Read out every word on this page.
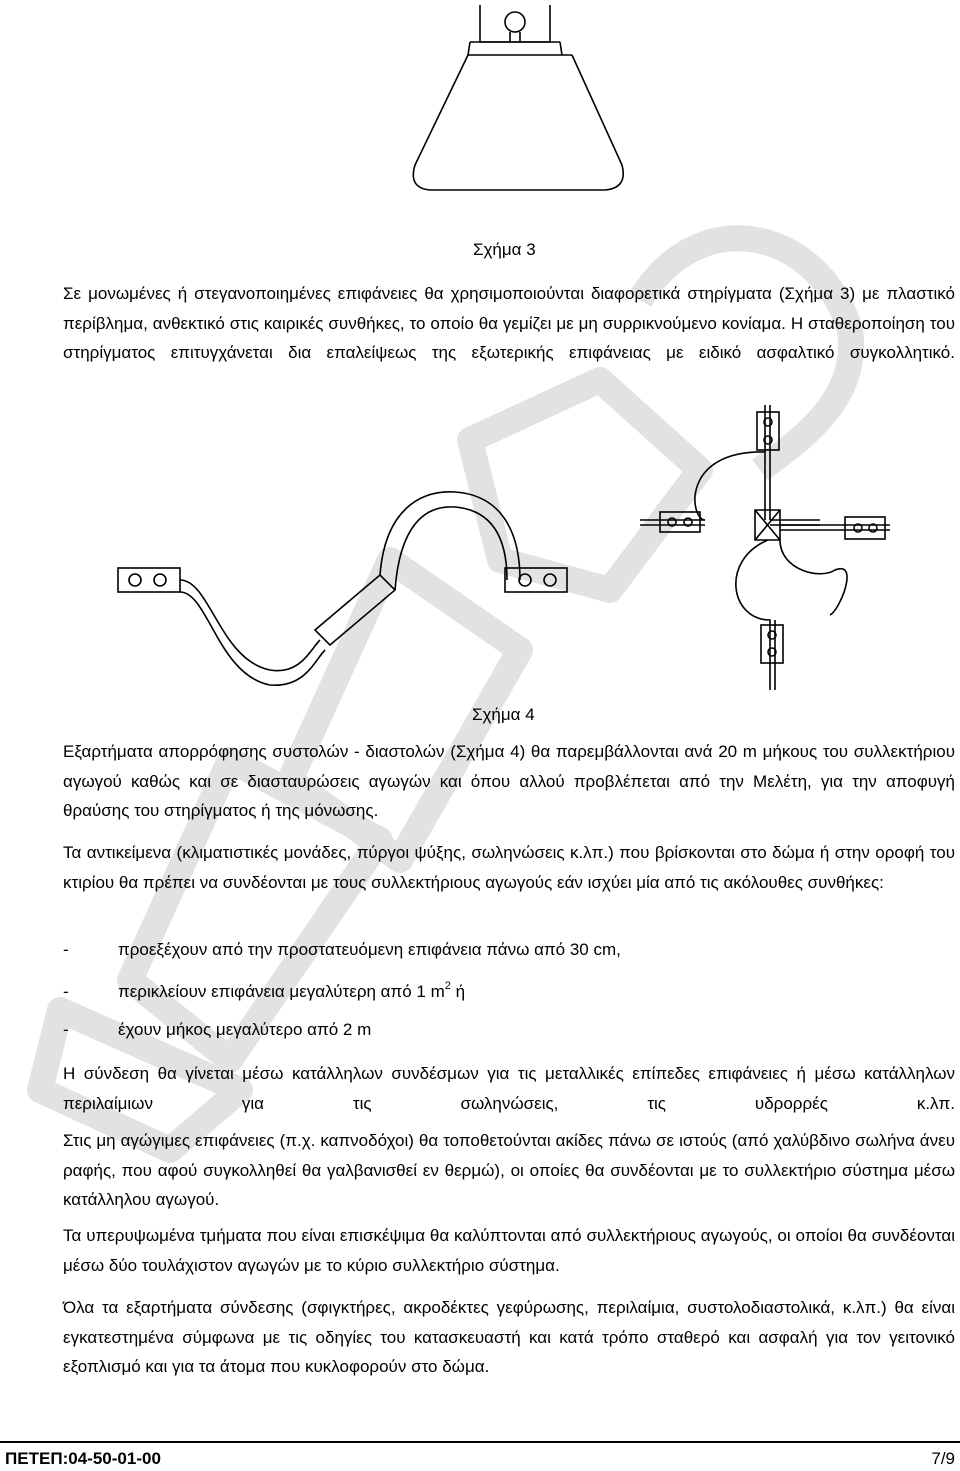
Σχήμα 3
Σε μονωμένες ή στεγανοποιημένες επιφάνειες θα χρησιμοποιούνται διαφορετικά στηρίγματα (Σχήμα 3) με πλαστικό περίβλημα, ανθεκτικό στις καιρικές συνθήκες, το οποίο θα γεμίζει με μη συρρικνούμενο κονίαμα. Η σταθεροποίηση του στηρίγματος επιτυγχάνεται δια επαλείψεως της εξωτερικής επιφάνειας με ειδικό ασφαλτικό συγκολλητικό.
Σχήμα 4
Εξαρτήματα απορρόφησης συστολών - διαστολών (Σχήμα 4) θα παρεμβάλλονται ανά 20 m μήκους του συλλεκτήριου αγωγού καθώς και σε διασταυρώσεις αγωγών και όπου αλλού προβλέπεται από την Μελέτη, για την αποφυγή θραύσης του στηρίγματος ή της μόνωσης.
Τα αντικείμενα (κλιματιστικές μονάδες, πύργοι ψύξης, σωληνώσεις κ.λπ.) που βρίσκονται στο δώμα ή στην οροφή του κτιρίου θα πρέπει να συνδέονται με τους συλλεκτήριους αγωγούς εάν ισχύει μία από τις ακόλουθες συνθήκες:
-	προεξέχουν από την προστατευόμενη επιφάνεια πάνω από 30 cm,
-	περικλείουν επιφάνεια μεγαλύτερη από 1 $m^2$ ή
-	έχουν μήκος μεγαλύτερο από 2 m
Η σύνδεση θα γίνεται μέσω κατάλληλων συνδέσμων για τις μεταλλικές επίπεδες επιφάνειες ή μέσω κατάλληλων περιλαίμιων για τις σωληνώσεις, τις υδρορρές κ.λπ.
Στις μη αγώγιμες επιφάνειες (π.χ. καπνοδόχοι) θα τοποθετούνται ακίδες πάνω σε ιστούς (από χαλύβδινο σωλήνα άνευ ραφής, που αφού συγκολληθεί θα γαλβανισθεί εν θερμώ), οι οποίες θα συνδέονται με το συλλεκτήριο σύστημα μέσω κατάλληλου αγωγού.
Τα υπερυψωμένα τμήματα που είναι επισκέψιμα θα καλύπτονται από συλλεκτήριους αγωγούς, οι οποίοι θα συνδέονται μέσω δύο τουλάχιστον αγωγών με το κύριο συλλεκτήριο σύστημα.
Όλα τα εξαρτήματα σύνδεσης (σφιγκτήρες, ακροδέκτες γεφύρωσης, περιλαίμια, συστολοδιαστολικά, κ.λπ.) θα είναι εγκατεστημένα σύμφωνα με τις οδηγίες του κατασκευαστή και κατά τρόπο σταθερό και ασφαλή για τον γειτονικό εξοπλισμό και για τα άτομα που κυκλοφορούν στο δώμα.
ΠΕΤΕΠ:04-50-01-00	7/9
